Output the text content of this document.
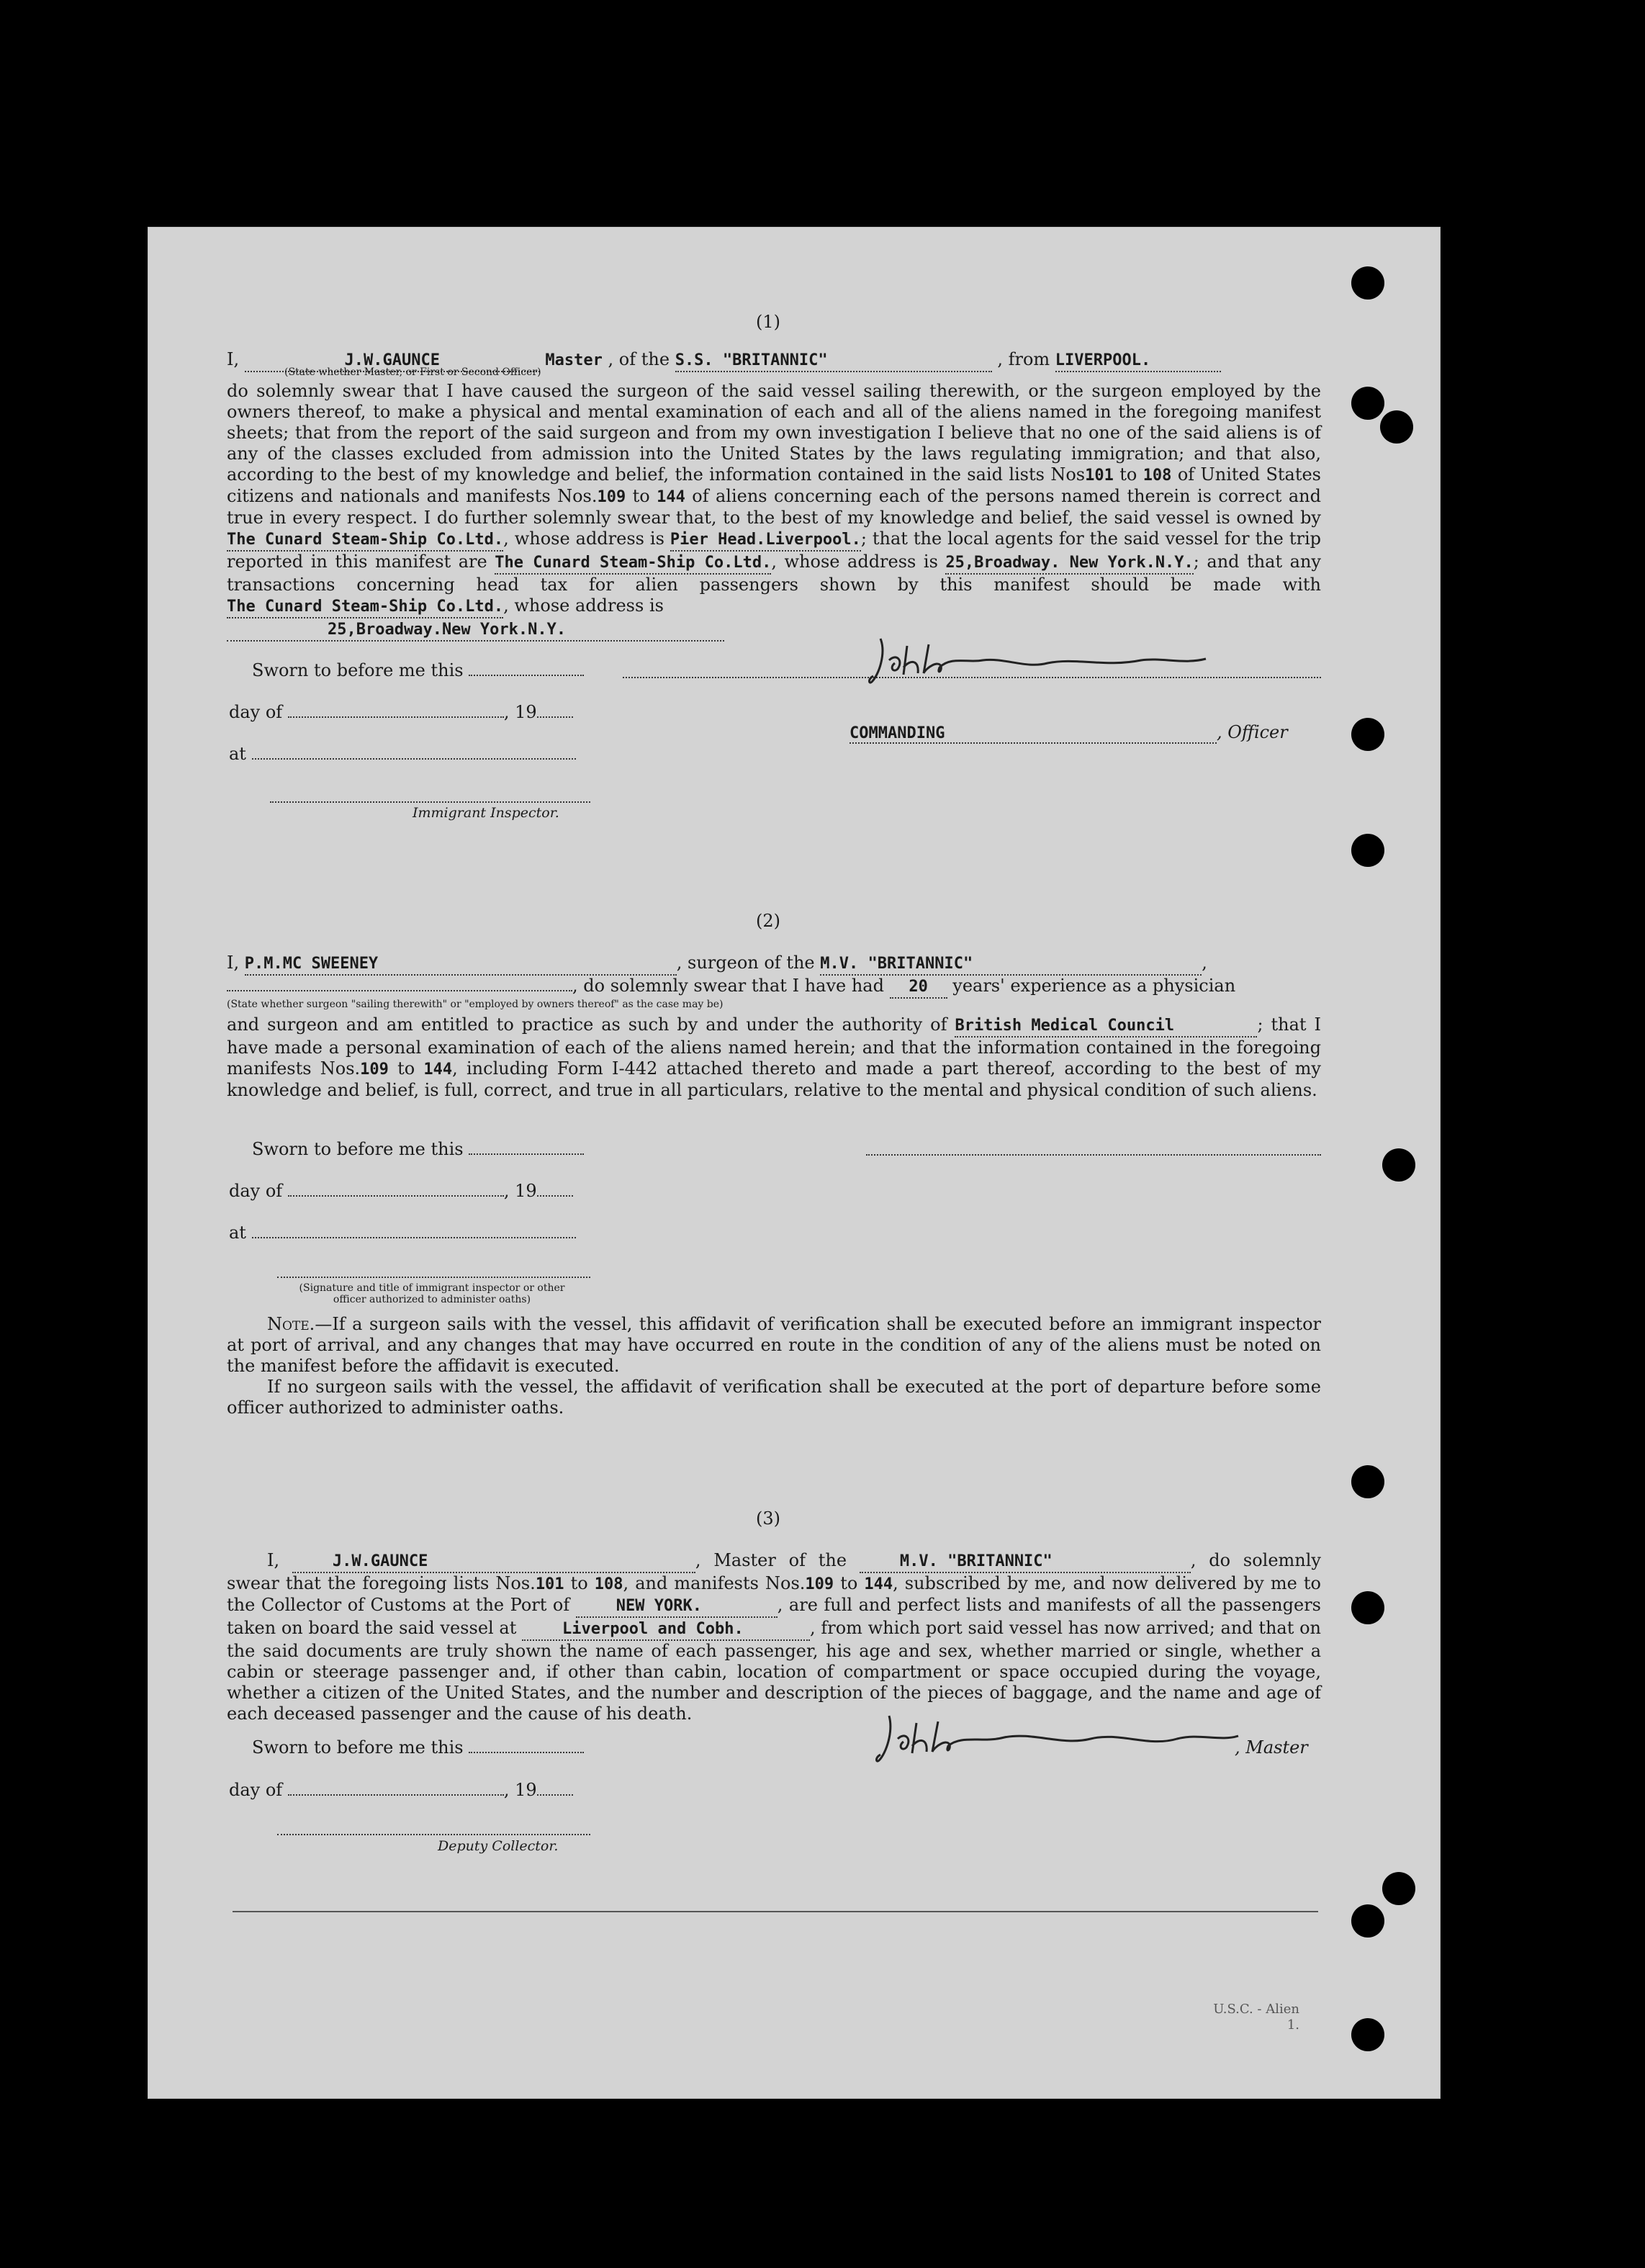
(1)
I,	J.W.GAUNCE	Master , of the S.S. "BRITANNIC"	, from LIVERPOOL.
(State whether Master, or First or Second Officer)
do solemnly swear that I have caused the surgeon of the said vessel sailing therewith, or the surgeon employed by the owners thereof, to make a physical and mental examination of each and all of the aliens named in the foregoing manifest sheets; that from the report of the said surgeon and from my own investigation I believe that no one of the said aliens is of any of the classes excluded from admission into the United States by the laws regulating immigration; and that also, according to the best of my knowledge and belief, the information contained in the said lists Nos101 to 108 of United States citizens and nationals and manifests Nos.109 to 144 of aliens concerning each of the persons named therein is correct and true in every respect. I do further solemnly swear that, to the best of my knowledge and belief, the said vessel is owned by The Cunard Steam-Ship Co.Ltd., whose address is Pier Head.Liverpool.; that the local agents for the said vessel for the trip reported in this manifest are The Cunard Steam-Ship Co.Ltd., whose address is 25,Broadway. New York.N.Y.; and that any transactions concerning head tax for alien passengers shown by this manifest should be made with The Cunard Steam-Ship Co.Ltd., whose address is
25,Broadway.New York.N.Y.
Sworn to before me this
day of	, 19
COMMANDING	, Officer
at
Immigrant Inspector.
(2)
I, P.M.MC SWEENEY	, surgeon of the M.V. "BRITANNIC"	,
, do solemnly swear that I have had 20 years' experience as a physician
(State whether surgeon "sailing therewith" or "employed by owners thereof" as the case may be)
and surgeon and am entitled to practice as such by and under the authority of British Medical Council	; that I have made a personal examination of each of the aliens named herein; and that the information contained in the foregoing manifests Nos.109 to 144, including Form I-442 attached thereto and made a part thereof, according to the best of my knowledge and belief, is full, correct, and true in all particulars, relative to the mental and physical condition of such aliens.
Sworn to before me this
day of	, 19
at
(Signature and title of immigrant inspector or other officer authorized to administer oaths)
Note.—If a surgeon sails with the vessel, this affidavit of verification shall be executed before an immigrant inspector at port of arrival, and any changes that may have occurred en route in the condition of any of the aliens must be noted on the manifest before the affidavit is executed.
If no surgeon sails with the vessel, the affidavit of verification shall be executed at the port of departure before some officer authorized to administer oaths.
(3)
I,	J.W.GAUNCE	, Master of the	M.V. "BRITANNIC"	, do solemnly swear that the foregoing lists Nos.101 to 108, and manifests Nos.109 to 144, subscribed by me, and now delivered by me to the Collector of Customs at the Port of	NEW YORK.	, are full and perfect lists and manifests of all the passengers taken on board the said vessel at	Liverpool and Cobh.	, from which port said vessel has now arrived; and that on the said documents are truly shown the name of each passenger, his age and sex, whether married or single, whether a cabin or steerage passenger and, if other than cabin, location of compartment or space occupied during the voyage, whether a citizen of the United States, and the number and description of the pieces of baggage, and the name and age of each deceased passenger and the cause of his death.
Sworn to before me this	, Master
day of	, 19
Deputy Collector.
U.S.C. - Alien 1.
